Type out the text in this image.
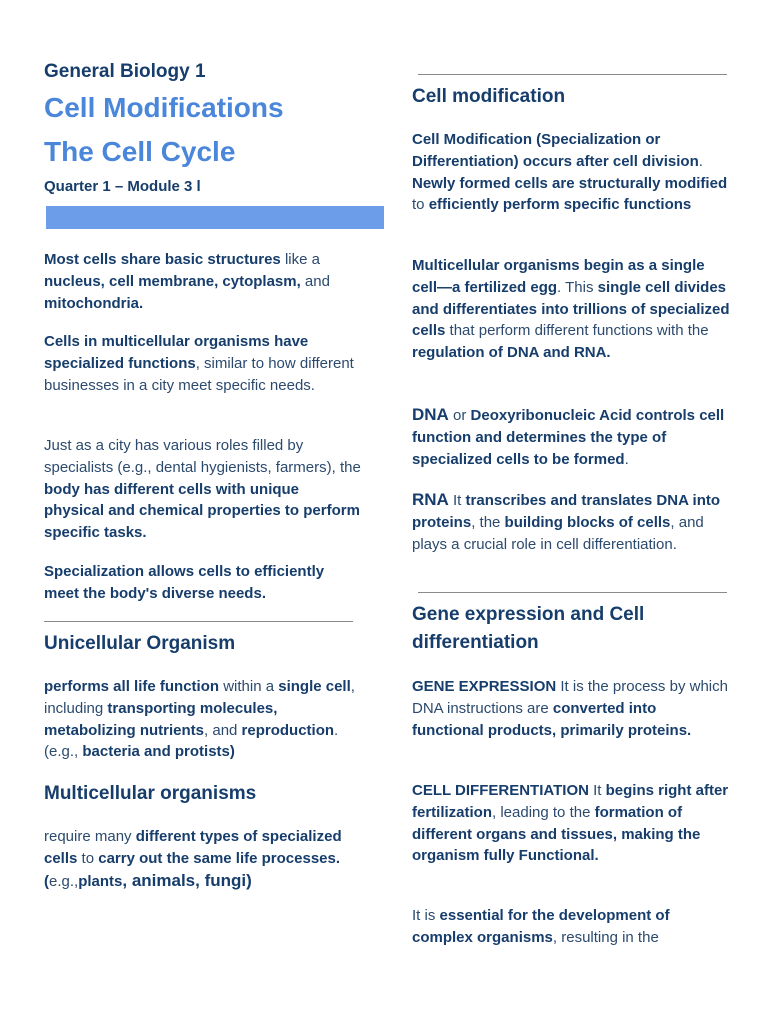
General Biology 1
Cell Modifications
The Cell Cycle
Quarter 1 – Module 3 l

Most cells share basic structures like a nucleus, cell membrane, cytoplasm, and mitochondria.

Cells in multicellular organisms have specialized functions, similar to how different businesses in a city meet specific needs.

Just as a city has various roles filled by specialists (e.g., dental hygienists, farmers), the body has different cells with unique physical and chemical properties to perform specific tasks.

Specialization allows cells to efficiently meet the body's diverse needs.

Unicellular Organism

performs all life function within a single cell, including transporting molecules, metabolizing nutrients, and reproduction. (e.g., bacteria and protists)

Multicellular organisms

require many different types of specialized cells to carry out the same life processes. (e.g.,plants, animals, fungi)

Cell modification

Cell Modification (Specialization or Differentiation) occurs after cell division. Newly formed cells are structurally modified to efficiently perform specific functions

Multicellular organisms begin as a single cell—a fertilized egg. This single cell divides and differentiates into trillions of specialized cells that perform different functions with the regulation of DNA and RNA.

DNA or Deoxyribonucleic Acid controls cell function and determines the type of specialized cells to be formed.

RNA It transcribes and translates DNA into proteins, the building blocks of cells, and plays a crucial role in cell differentiation.

Gene expression and Cell differentiation

GENE EXPRESSION It is the process by which DNA instructions are converted into functional products, primarily proteins.

CELL DIFFERENTIATION It begins right after fertilization, leading to the formation of different organs and tissues, making the organism fully Functional.

It is essential for the development of complex organisms, resulting in the
